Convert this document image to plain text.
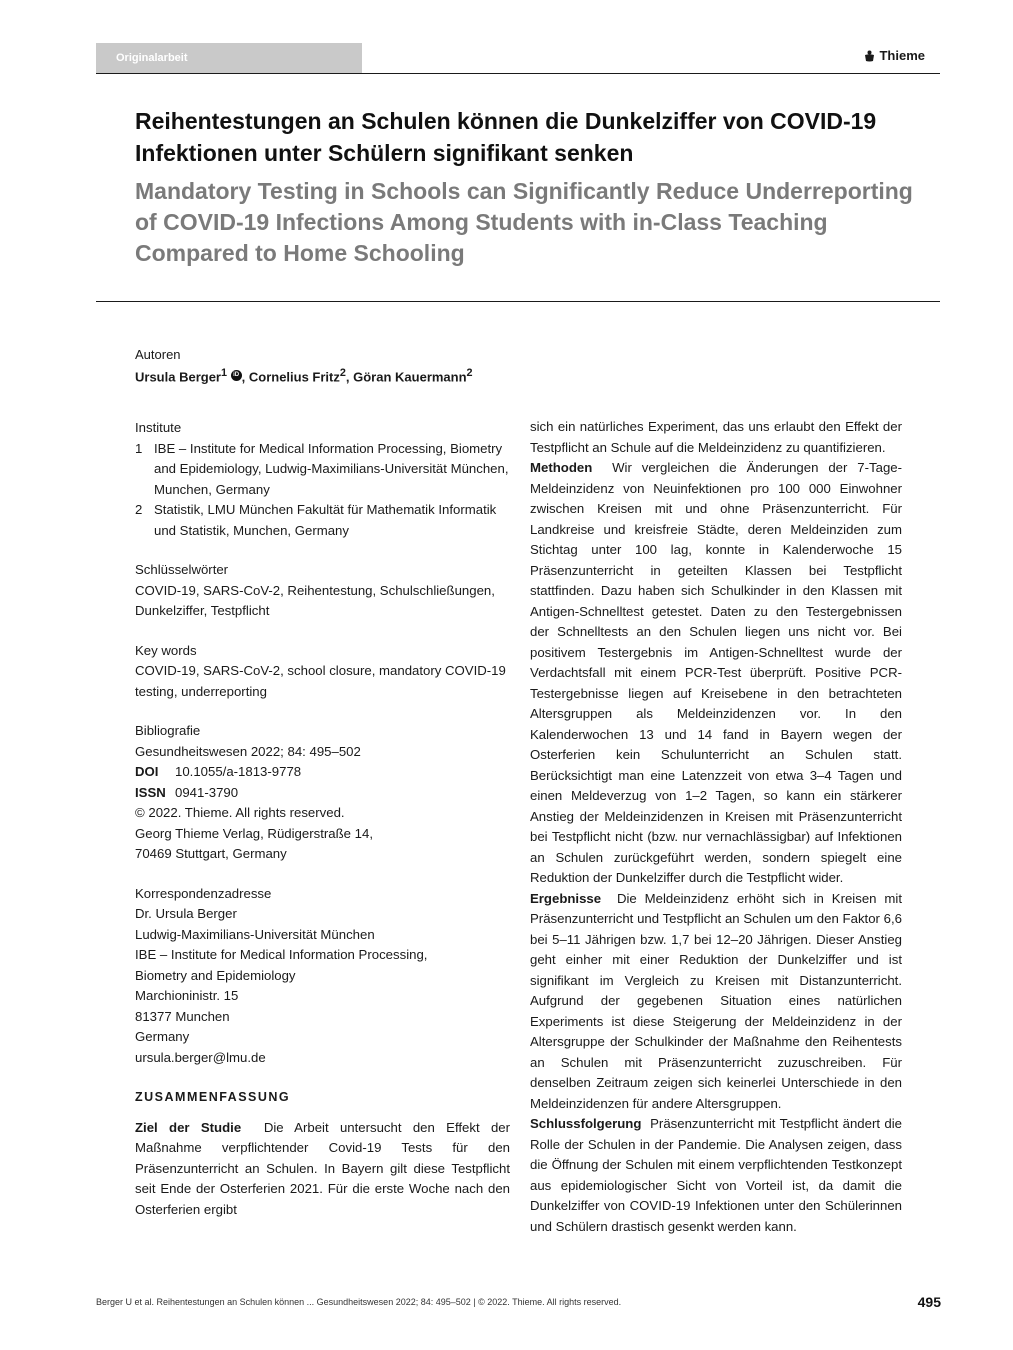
Originalarbeit	Thieme
Reihentestungen an Schulen können die Dunkelziffer von COVID-19 Infektionen unter Schülern signifikant senken
Mandatory Testing in Schools can Significantly Reduce Underreporting of COVID-19 Infections Among Students with in-Class Teaching Compared to Home Schooling
Autoren
Ursula Berger$^1$ iD , Cornelius Fritz$^2$, Göran Kauermann$^2$
Institute
1 IBE – Institute for Medical Information Processing, Biometry and Epidemiology, Ludwig-Maximilians-Universität München, Munchen, Germany
2 Statistik, LMU München Fakultät für Mathematik Informatik und Statistik, Munchen, Germany
Schlüsselwörter
COVID-19, SARS-CoV-2, Reihentestung, Schulschließungen, Dunkelziffer, Testpflicht
Key words
COVID-19, SARS-CoV-2, school closure, mandatory COVID-19 testing, underreporting
Bibliografie
Gesundheitswesen 2022; 84: 495–502
DOI 10.1055/a-1813-9778
ISSN 0941-3790
© 2022. Thieme. All rights reserved.
Georg Thieme Verlag, Rüdigerstraße 14,
70469 Stuttgart, Germany
Korrespondenzadresse
Dr. Ursula Berger
Ludwig-Maximilians-Universität München
IBE – Institute for Medical Information Processing,
Biometry and Epidemiology
Marchioninistr. 15
81377 Munchen
Germany
ursula.berger@lmu.de
ZUSAMMENFASSUNG
Ziel der Studie Die Arbeit untersucht den Effekt der Maßnahme verpflichtender Covid-19 Tests für den Präsenzunterricht an Schulen. In Bayern gilt diese Testpflicht seit Ende der Osterferien 2021. Für die erste Woche nach den Osterferien ergibt

sich ein natürliches Experiment, das uns erlaubt den Effekt der Testpflicht an Schule auf die Meldeinzidenz zu quantifizieren.

Methoden Wir vergleichen die Änderungen der 7-Tage-Meldeinzidenz von Neuinfektionen pro 100 000 Einwohner zwischen Kreisen mit und ohne Präsenzunterricht. Für Landkreise und kreisfreie Städte, deren Meldeinziden zum Stichtag unter 100 lag, konnte in Kalenderwoche 15 Präsenzunterricht in geteilten Klassen bei Testpflicht stattfinden. Dazu haben sich Schulkinder in den Klassen mit Antigen-Schnelltest getestet. Daten zu den Testergebnissen der Schnelltests an den Schulen liegen uns nicht vor. Bei positivem Testergebnis im Antigen-Schnelltest wurde der Verdachtsfall mit einem PCR-Test überprüft. Positive PCR-Testergebnisse liegen auf Kreisebene in den betrachteten Altersgruppen als Meldeinzidenzen vor. In den Kalenderwochen 13 und 14 fand in Bayern wegen der Osterferien kein Schulunterricht an Schulen statt. Berücksichtigt man eine Latenzzeit von etwa 3–4 Tagen und einen Meldeverzug von 1–2 Tagen, so kann ein stärkerer Anstieg der Meldeinzidenzen in Kreisen mit Präsenzunterricht bei Testpflicht nicht (bzw. nur vernachlässigbar) auf Infektionen an Schulen zurückgeführt werden, sondern spiegelt eine Reduktion der Dunkelziffer durch die Testpflicht wider.

Ergebnisse Die Meldeinzidenz erhöht sich in Kreisen mit Präsenzunterricht und Testpflicht an Schulen um den Faktor 6,6 bei 5–11 Jährigen bzw. 1,7 bei 12–20 Jährigen. Dieser Anstieg geht einher mit einer Reduktion der Dunkelziffer und ist signifikant im Vergleich zu Kreisen mit Distanzunterricht. Aufgrund der gegebenen Situation eines natürlichen Experiments ist diese Steigerung der Meldeinzidenz in der Altersgruppe der Schulkinder der Maßnahme den Reihentests an Schulen mit Präsenzunterricht zuzuschreiben. Für denselben Zeitraum zeigen sich keinerlei Unterschiede in den Meldeinzidenzen für andere Altersgruppen.

Schlussfolgerung Präsenzunterricht mit Testpflicht ändert die Rolle der Schulen in der Pandemie. Die Analysen zeigen, dass die Öffnung der Schulen mit einem verpflichtenden Testkonzept aus epidemiologischer Sicht von Vorteil ist, da damit die Dunkelziffer von COVID-19 Infektionen unter den Schülerinnen und Schülern drastisch gesenkt werden kann.

Berger U et al. Reihentestungen an Schulen können ... Gesundheitswesen 2022; 84: 495–502 | © 2022. Thieme. All rights reserved.	495
